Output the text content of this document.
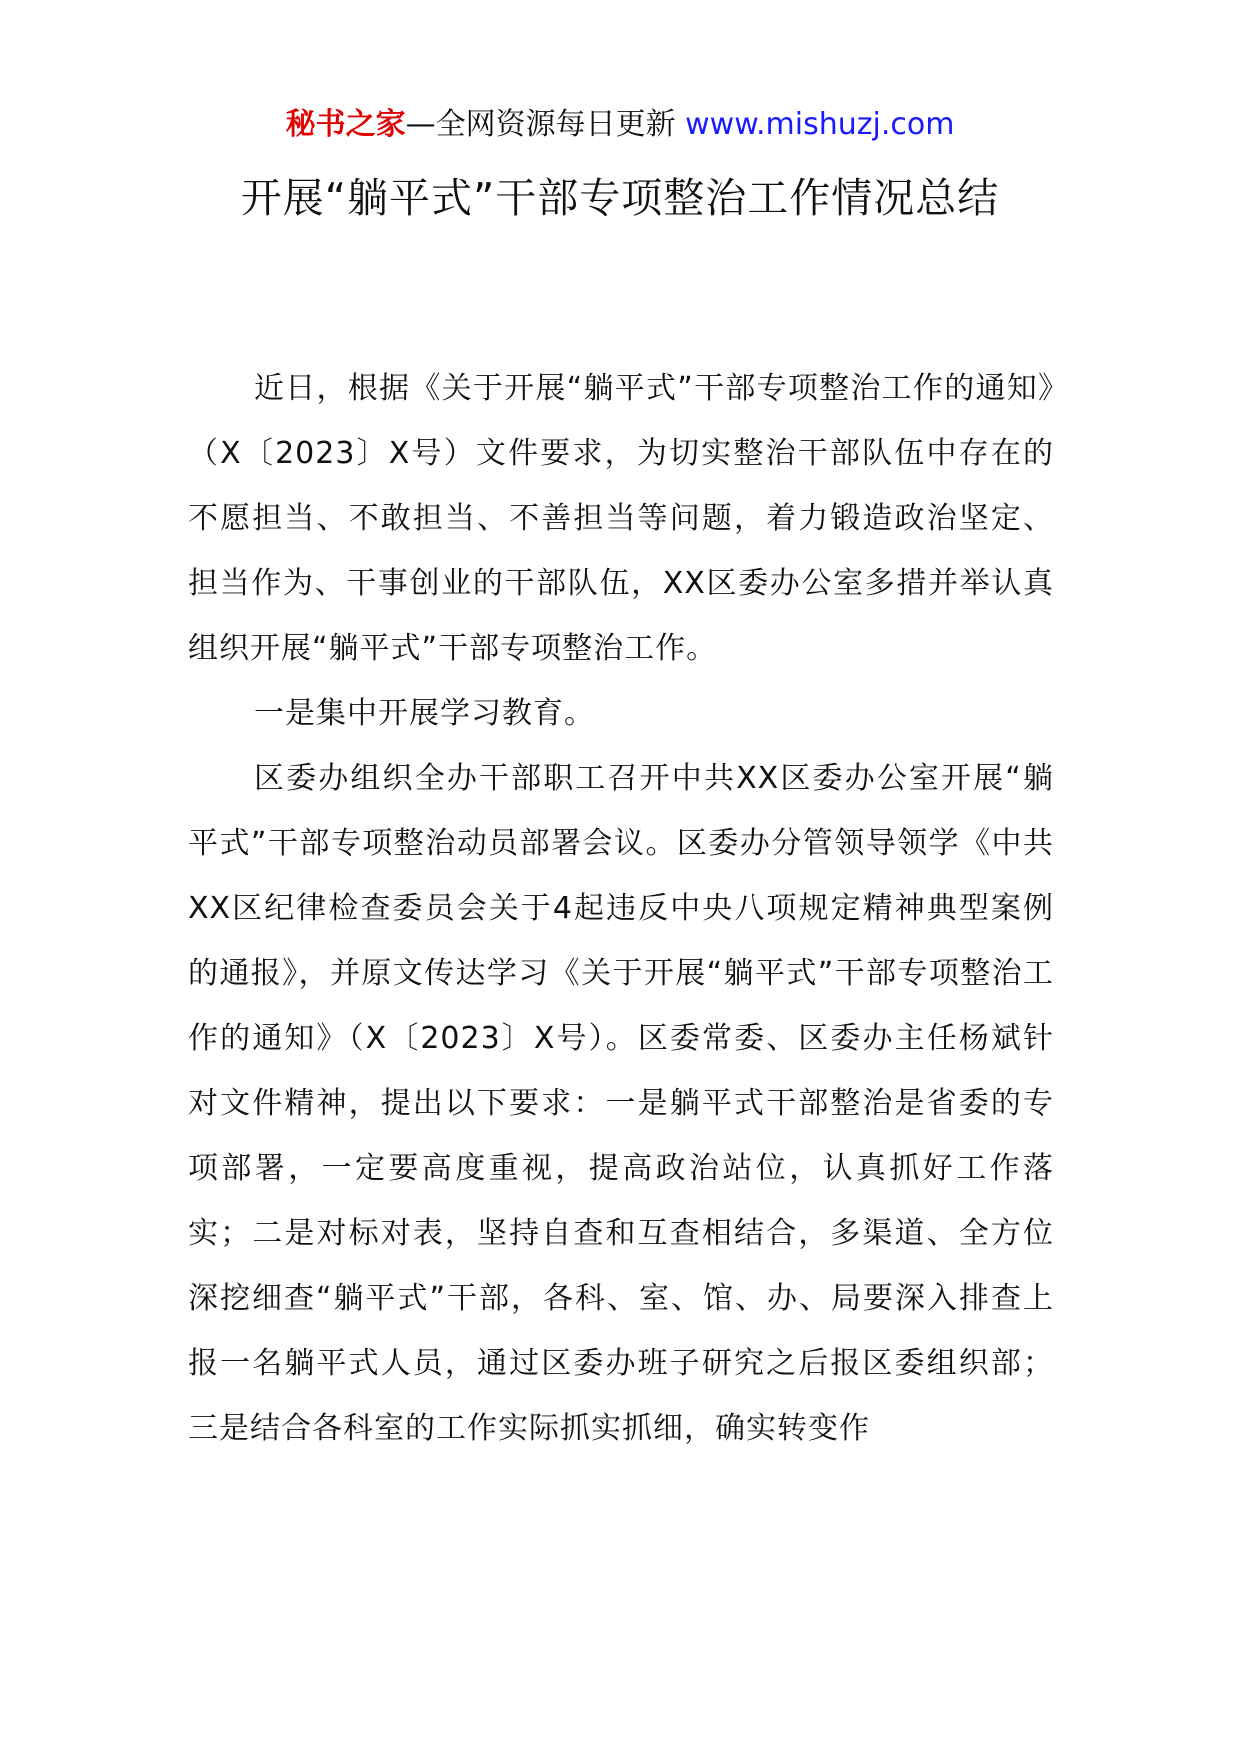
秘书之家—全网资源每日更新 www.mishuzj.com
开展“躺平式”干部专项整治工作情况总结

近日，根据《关于开展“躺平式”干部专项整治工作的通知》（X〔2023〕X号）文件要求，为切实整治干部队伍中存在的不愿担当、不敢担当、不善担当等问题，着力锻造政治坚定、担当作为、干事创业的干部队伍，XX区委办公室多措并举认真组织开展“躺平式”干部专项整治工作。

一是集中开展学习教育。

区委办组织全办干部职工召开中共XX区委办公室开展“躺平式”干部专项整治动员部署会议。区委办分管领导领学《中共XX区纪律检查委员会关于4起违反中央八项规定精神典型案例的通报》，并原文传达学习《关于开展“躺平式”干部专项整治工作的通知》（X〔2023〕X号）。区委常委、区委办主任杨斌针对文件精神，提出以下要求：一是躺平式干部整治是省委的专项部署，一定要高度重视，提高政治站位，认真抓好工作落实；二是对标对表，坚持自查和互查相结合，多渠道、全方位深挖细查“躺平式”干部，各科、室、馆、办、局要深入排查上报一名躺平式人员，通过区委办班子研究之后报区委组织部；三是结合各科室的工作实际抓实抓细，确实转变作
